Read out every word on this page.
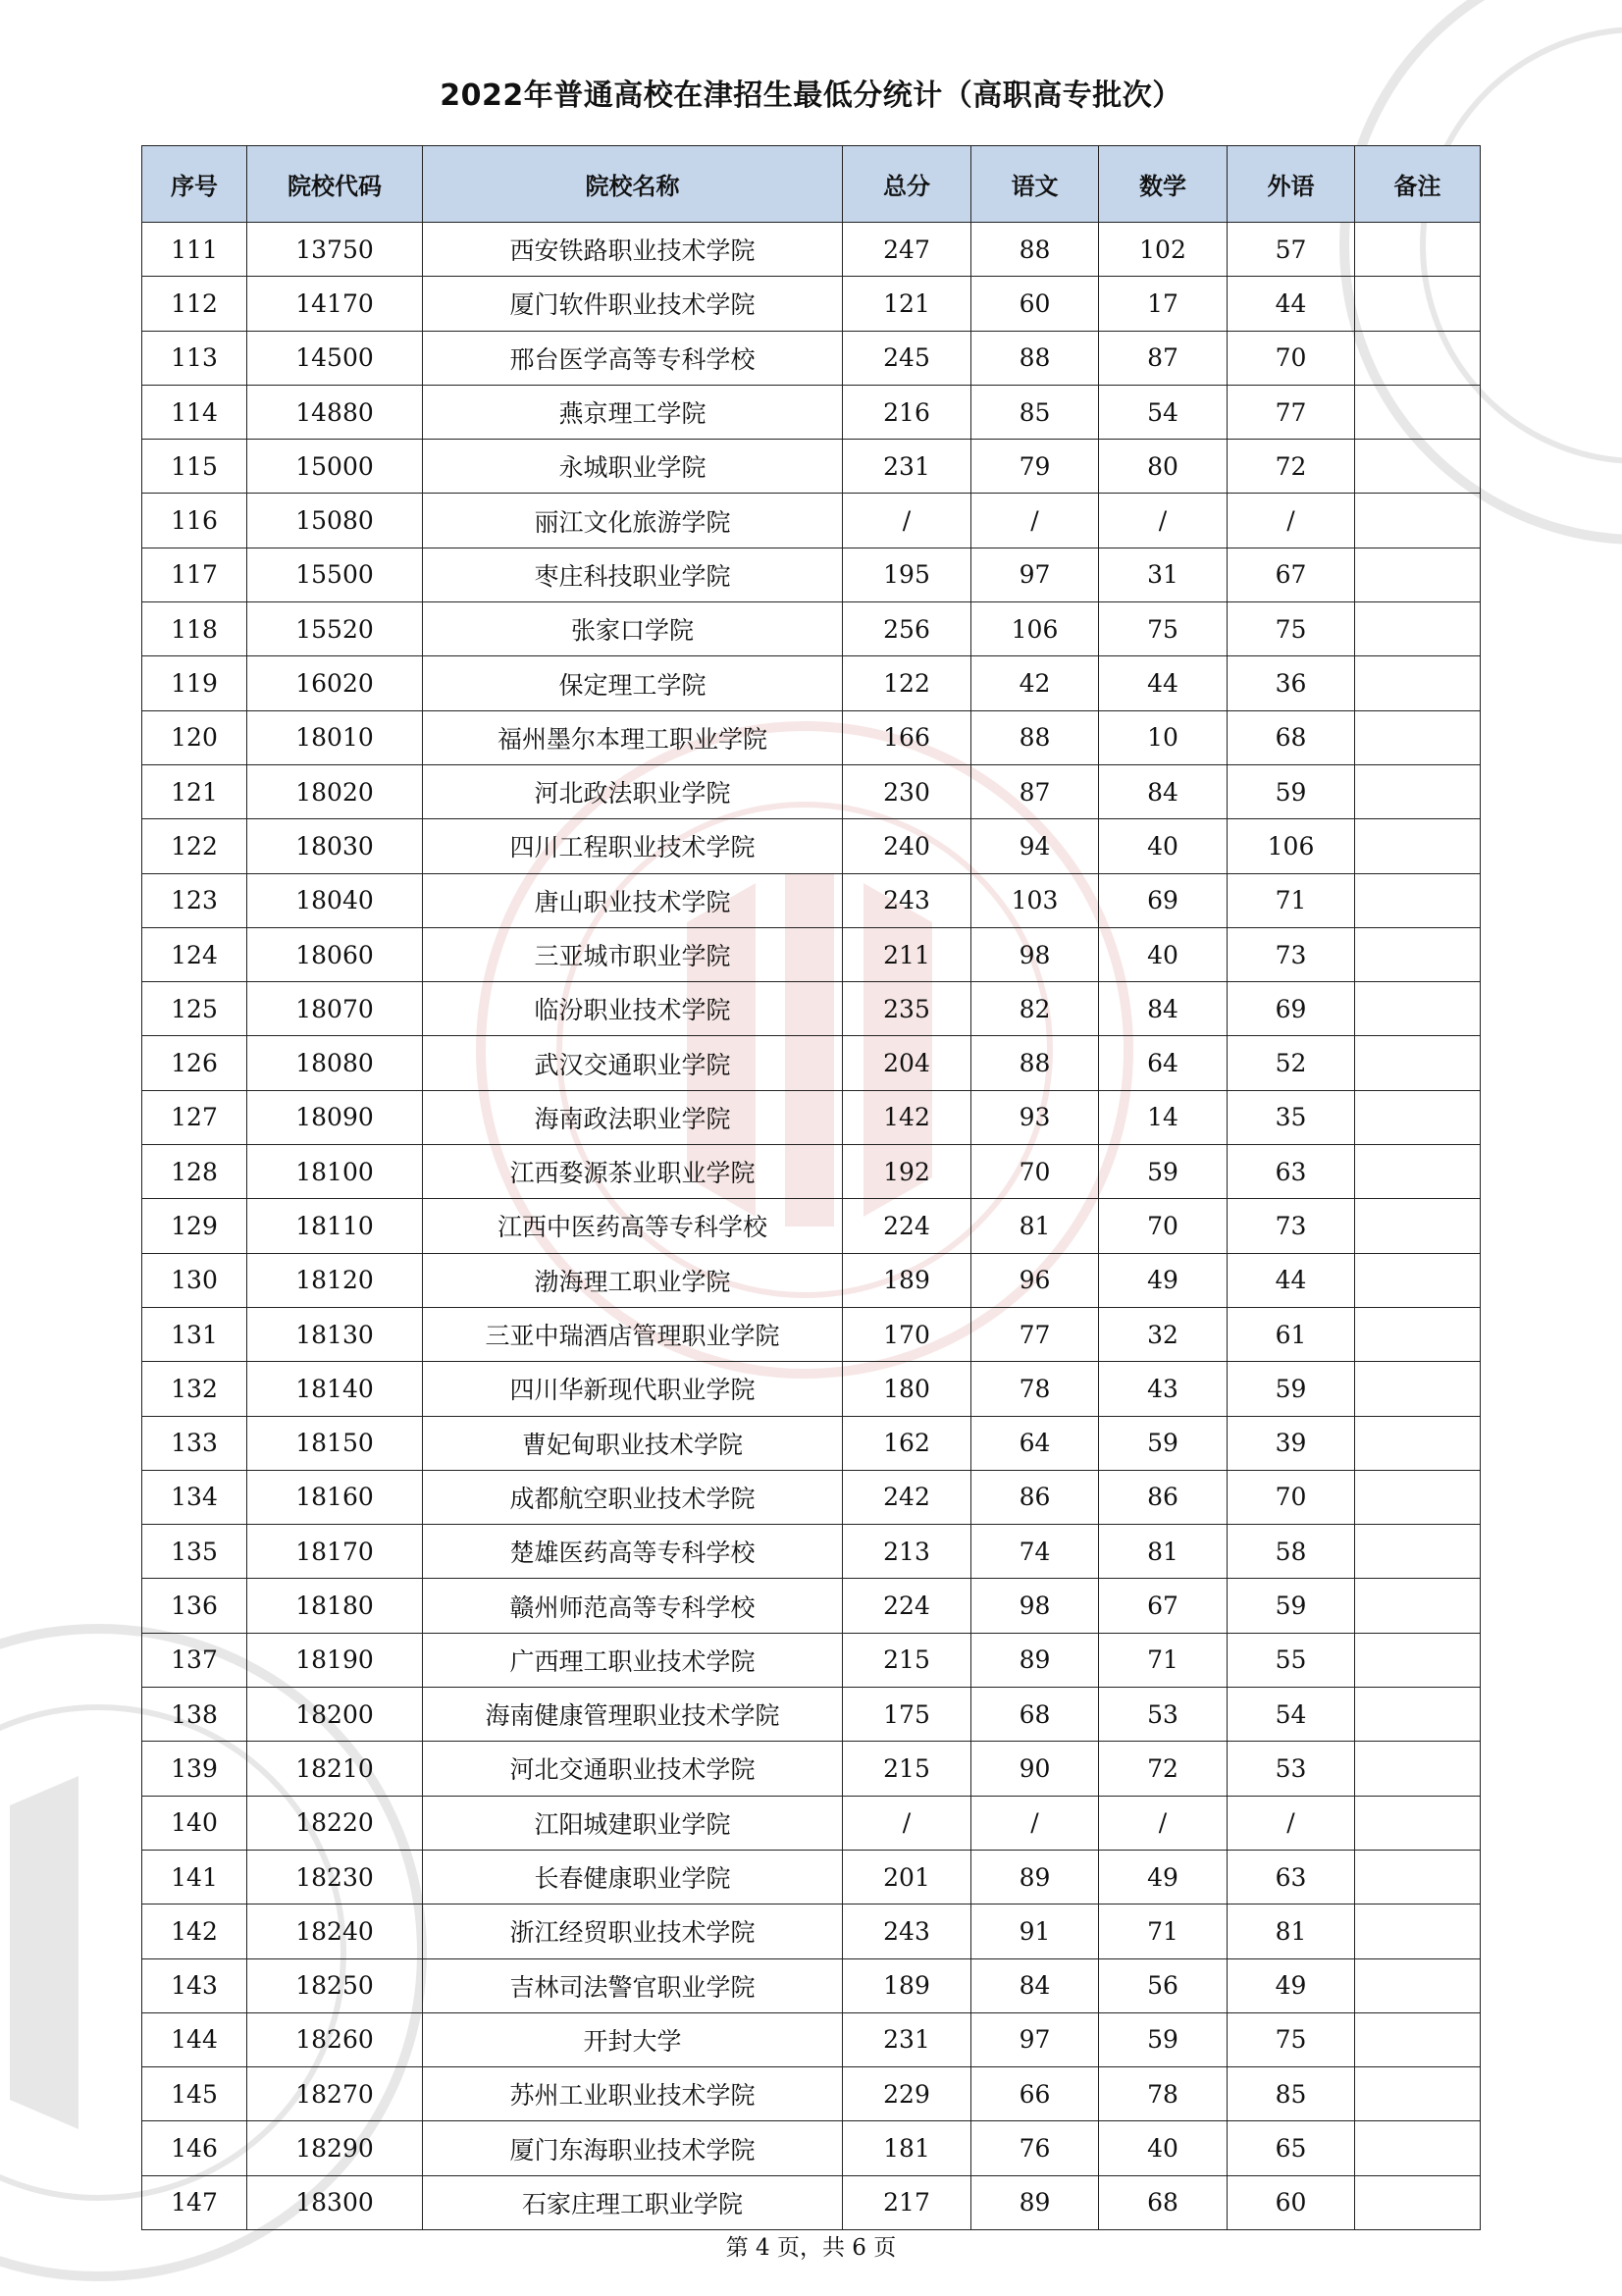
2022年普通高校在津招生最低分统计（高职高专批次）
序号	院校代码	院校名称	总分	语文	数学	外语	备注
111	13750	西安铁路职业技术学院	247	88	102	57	
112	14170	厦门软件职业技术学院	121	60	17	44	
113	14500	邢台医学高等专科学校	245	88	87	70	
114	14880	燕京理工学院	216	85	54	77	
115	15000	永城职业学院	231	79	80	72	
116	15080	丽江文化旅游学院	/	/	/	/	
117	15500	枣庄科技职业学院	195	97	31	67	
118	15520	张家口学院	256	106	75	75	
119	16020	保定理工学院	122	42	44	36	
120	18010	福州墨尔本理工职业学院	166	88	10	68	
121	18020	河北政法职业学院	230	87	84	59	
122	18030	四川工程职业技术学院	240	94	40	106	
123	18040	唐山职业技术学院	243	103	69	71	
124	18060	三亚城市职业学院	211	98	40	73	
125	18070	临汾职业技术学院	235	82	84	69	
126	18080	武汉交通职业学院	204	88	64	52	
127	18090	海南政法职业学院	142	93	14	35	
128	18100	江西婺源茶业职业学院	192	70	59	63	
129	18110	江西中医药高等专科学校	224	81	70	73	
130	18120	渤海理工职业学院	189	96	49	44	
131	18130	三亚中瑞酒店管理职业学院	170	77	32	61	
132	18140	四川华新现代职业学院	180	78	43	59	
133	18150	曹妃甸职业技术学院	162	64	59	39	
134	18160	成都航空职业技术学院	242	86	86	70	
135	18170	楚雄医药高等专科学校	213	74	81	58	
136	18180	赣州师范高等专科学校	224	98	67	59	
137	18190	广西理工职业技术学院	215	89	71	55	
138	18200	海南健康管理职业技术学院	175	68	53	54	
139	18210	河北交通职业技术学院	215	90	72	53	
140	18220	江阳城建职业学院	/	/	/	/	
141	18230	长春健康职业学院	201	89	49	63	
142	18240	浙江经贸职业技术学院	243	91	71	81	
143	18250	吉林司法警官职业学院	189	84	56	49	
144	18260	开封大学	231	97	59	75	
145	18270	苏州工业职业技术学院	229	66	78	85	
146	18290	厦门东海职业技术学院	181	76	40	65	
147	18300	石家庄理工职业学院	217	89	68	60	
第 4 页，共 6 页
